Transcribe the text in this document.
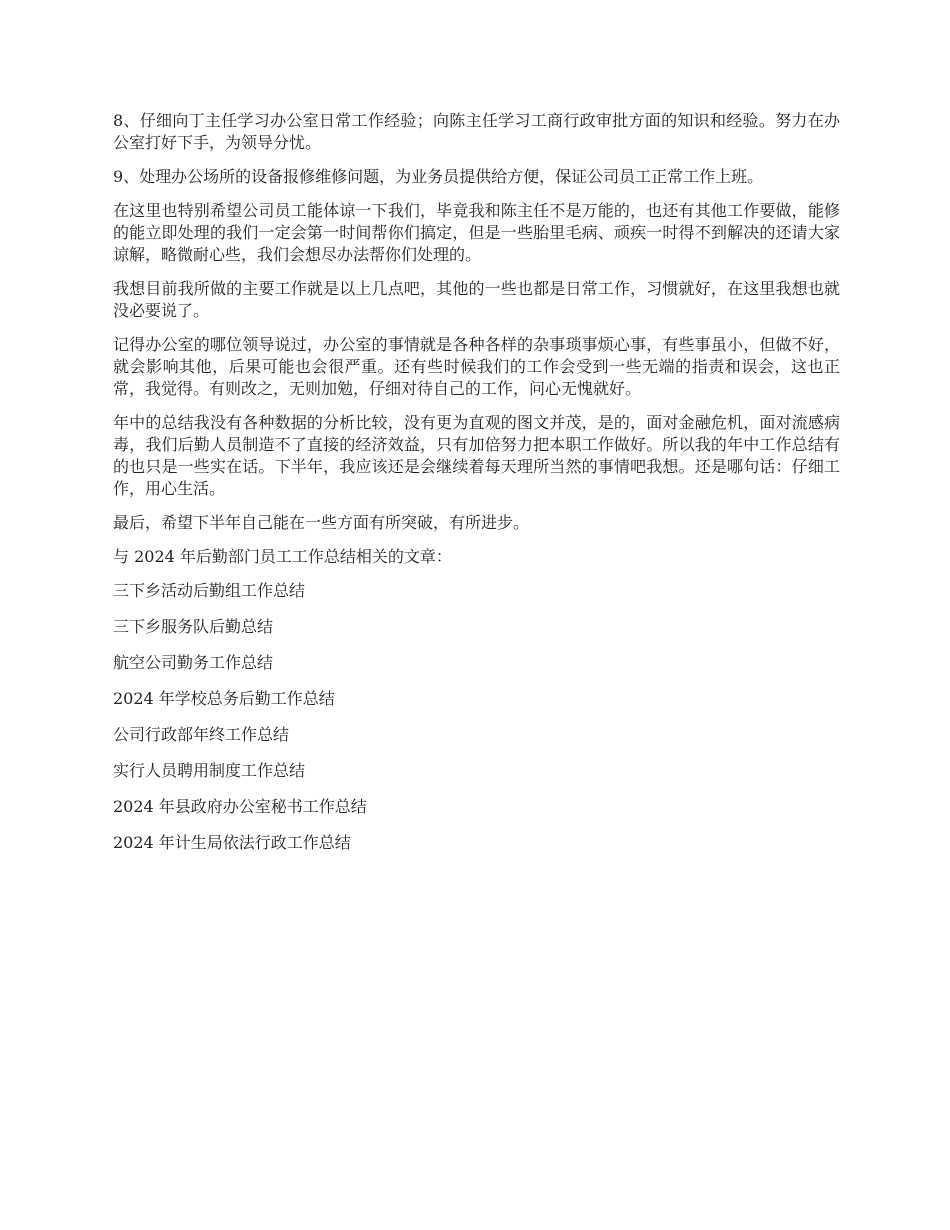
8、仔细向丁主任学习办公室日常工作经验；向陈主任学习工商行政审批方面的知识和经验。努力在办公室打好下手，为领导分忧。

9、处理办公场所的设备报修维修问题，为业务员提供给方便，保证公司员工正常工作上班。

在这里也特别希望公司员工能体谅一下我们，毕竟我和陈主任不是万能的，也还有其他工作要做，能修的能立即处理的我们一定会第一时间帮你们搞定，但是一些胎里毛病、顽疾一时得不到解决的还请大家谅解，略微耐心些，我们会想尽办法帮你们处理的。

我想目前我所做的主要工作就是以上几点吧，其他的一些也都是日常工作，习惯就好，在这里我想也就没必要说了。

记得办公室的哪位领导说过，办公室的事情就是各种各样的杂事琐事烦心事，有些事虽小，但做不好，就会影响其他，后果可能也会很严重。还有些时候我们的工作会受到一些无端的指责和误会，这也正常，我觉得。有则改之，无则加勉，仔细对待自己的工作，问心无愧就好。

年中的总结我没有各种数据的分析比较，没有更为直观的图文并茂，是的，面对金融危机，面对流感病毒，我们后勤人员制造不了直接的经济效益，只有加倍努力把本职工作做好。所以我的年中工作总结有的也只是一些实在话。下半年，我应该还是会继续着每天理所当然的事情吧我想。还是哪句话：仔细工作，用心生活。

最后，希望下半年自己能在一些方面有所突破，有所进步。

与 2024 年后勤部门员工工作总结相关的文章：

三下乡活动后勤组工作总结
三下乡服务队后勤总结
航空公司勤务工作总结
2024 年学校总务后勤工作总结
公司行政部年终工作总结
实行人员聘用制度工作总结
2024 年县政府办公室秘书工作总结
2024 年计生局依法行政工作总结
